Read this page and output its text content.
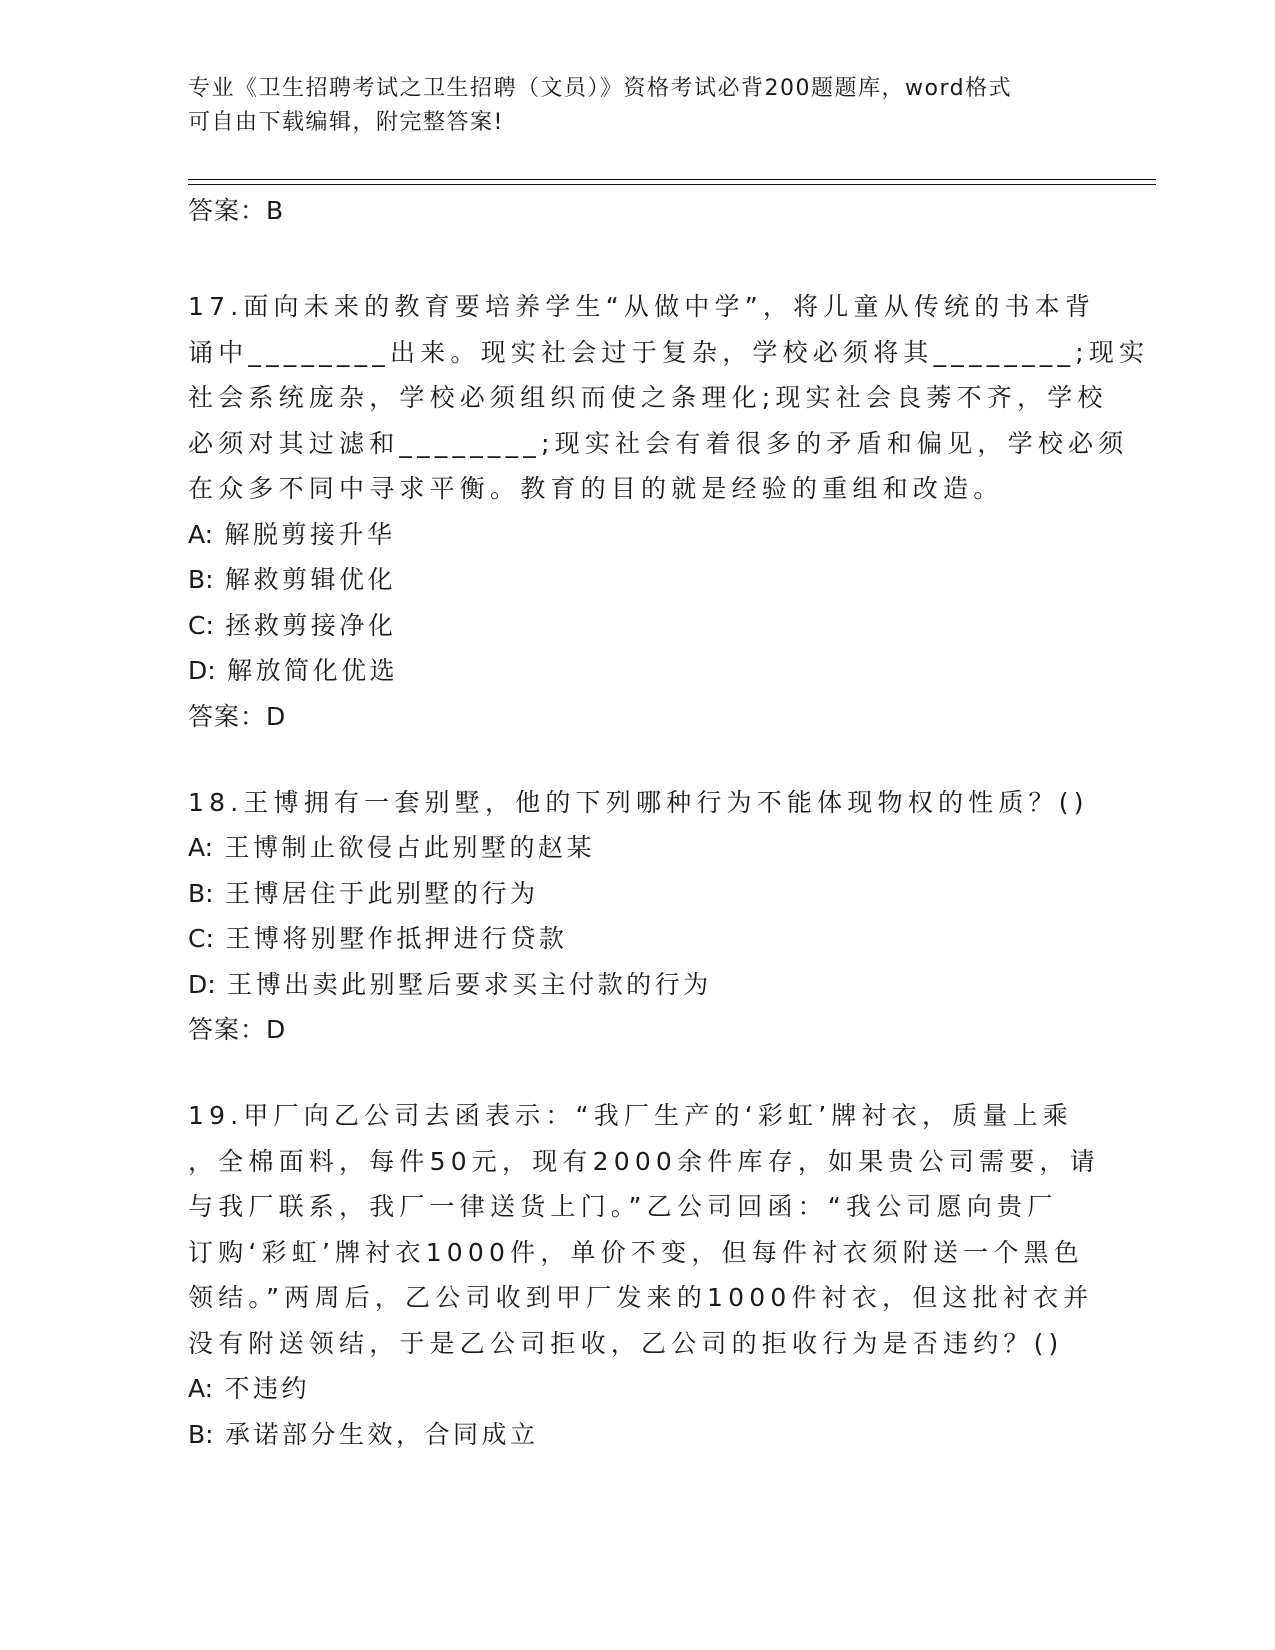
专业《卫生招聘考试之卫生招聘（文员）》资格考试必背200题题库，word格式
可自由下载编辑，附完整答案!

答案：B

17.面向未来的教育要培养学生“从做中学”，将儿童从传统的书本背

诵中________出来。现实社会过于复杂，学校必须将其________;现实

社会系统庞杂，学校必须组织而使之条理化;现实社会良莠不齐，学校

必须对其过滤和________;现实社会有着很多的矛盾和偏见，学校必须

在众多不同中寻求平衡。教育的目的就是经验的重组和改造。

A: 解脱剪接升华

B: 解救剪辑优化

C: 拯救剪接净化

D: 解放简化优选

答案：D

18.王博拥有一套别墅，他的下列哪种行为不能体现物权的性质？()

A: 王博制止欲侵占此别墅的赵某

B: 王博居住于此别墅的行为

C: 王博将别墅作抵押进行贷款

D: 王博出卖此别墅后要求买主付款的行为

答案：D

19.甲厂向乙公司去函表示：“我厂生产的‘彩虹’牌衬衣，质量上乘

，全棉面料，每件50元，现有2000余件库存，如果贵公司需要，请

与我厂联系，我厂一律送货上门。”乙公司回函：“我公司愿向贵厂

订购‘彩虹’牌衬衣1000件，单价不变，但每件衬衣须附送一个黑色

领结。”两周后，乙公司收到甲厂发来的1000件衬衣，但这批衬衣并

没有附送领结，于是乙公司拒收，乙公司的拒收行为是否违约？()

A: 不违约

B: 承诺部分生效，合同成立
